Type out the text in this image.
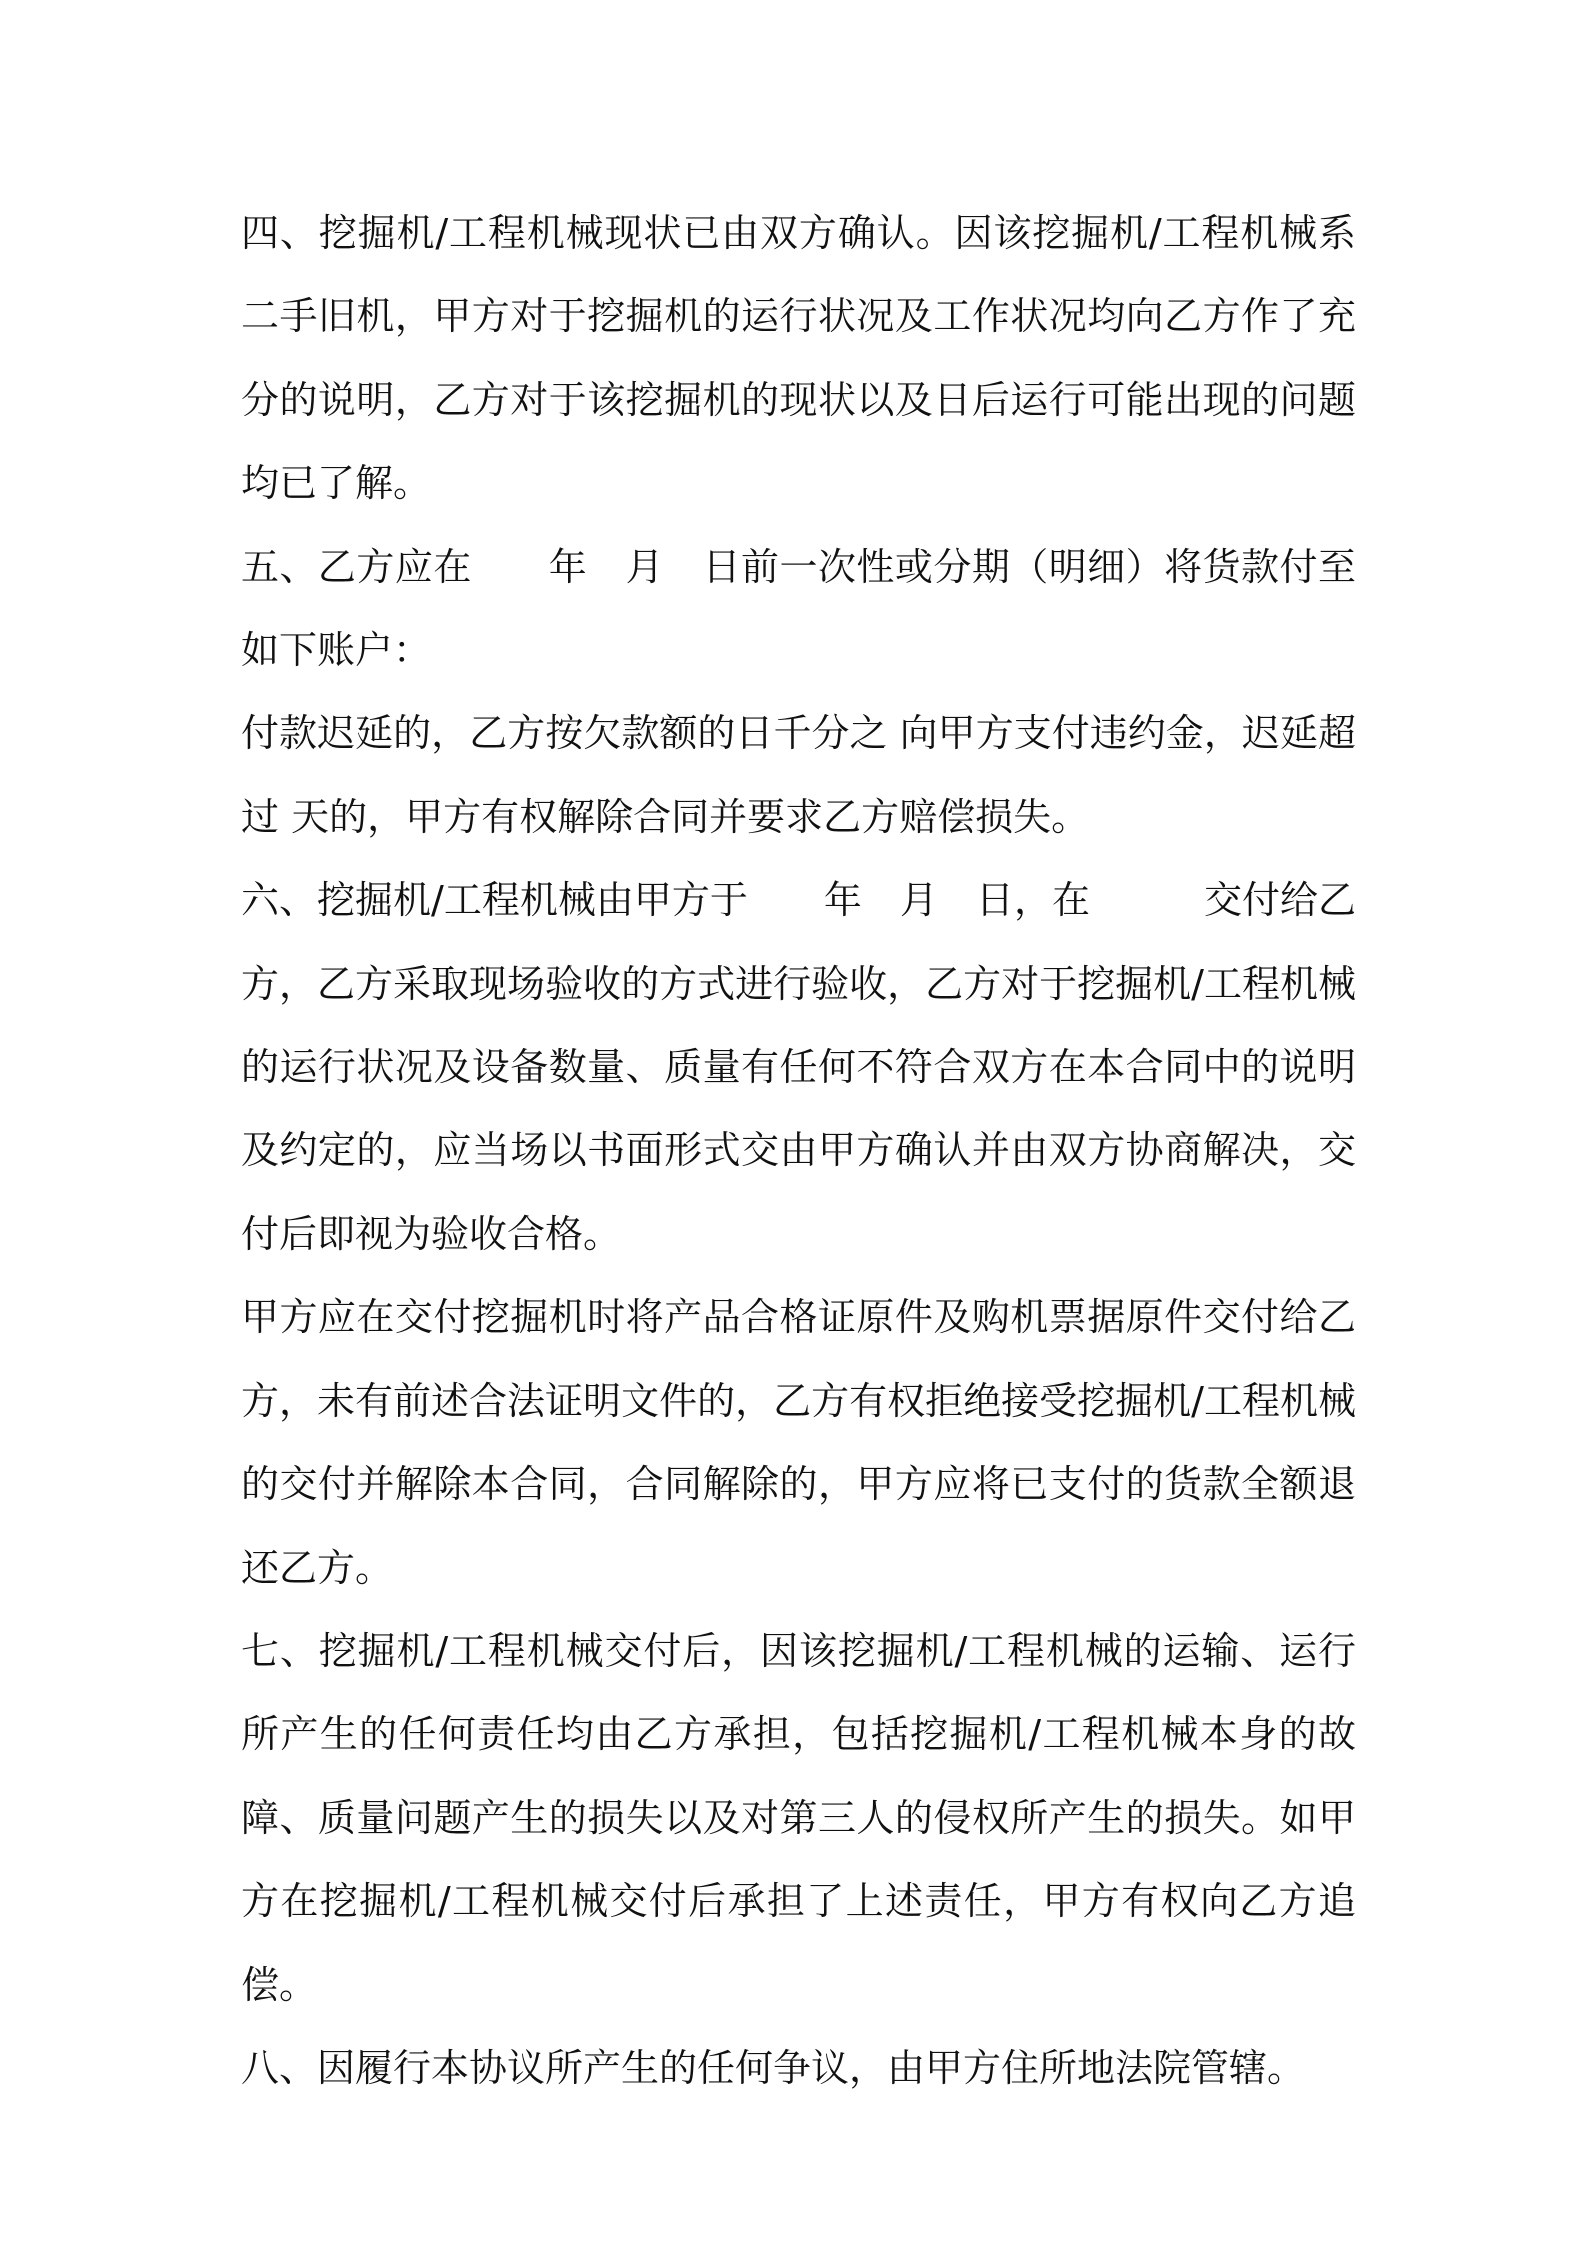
四、挖掘机/工程机械现状已由双方确认。因该挖掘机/工程机械系二手旧机，甲方对于挖掘机的运行状况及工作状况均向乙方作了充分的说明，乙方对于该挖掘机的现状以及日后运行可能出现的问题均已了解。

五、乙方应在　　年　月　日前一次性或分期（明细）将货款付至如下账户：

付款迟延的，乙方按欠款额的日千分之 向甲方支付违约金，迟延超过 天的，甲方有权解除合同并要求乙方赔偿损失。

六、挖掘机/工程机械由甲方于　　年　月　日，在　　　交付给乙方，乙方采取现场验收的方式进行验收，乙方对于挖掘机/工程机械的运行状况及设备数量、质量有任何不符合双方在本合同中的说明及约定的，应当场以书面形式交由甲方确认并由双方协商解决，交付后即视为验收合格。

甲方应在交付挖掘机时将产品合格证原件及购机票据原件交付给乙方，未有前述合法证明文件的，乙方有权拒绝接受挖掘机/工程机械的交付并解除本合同，合同解除的，甲方应将已支付的货款全额退还乙方。

七、挖掘机/工程机械交付后，因该挖掘机/工程机械的运输、运行所产生的任何责任均由乙方承担，包括挖掘机/工程机械本身的故障、质量问题产生的损失以及对第三人的侵权所产生的损失。如甲方在挖掘机/工程机械交付后承担了上述责任，甲方有权向乙方追偿。

八、因履行本协议所产生的任何争议，由甲方住所地法院管辖。
